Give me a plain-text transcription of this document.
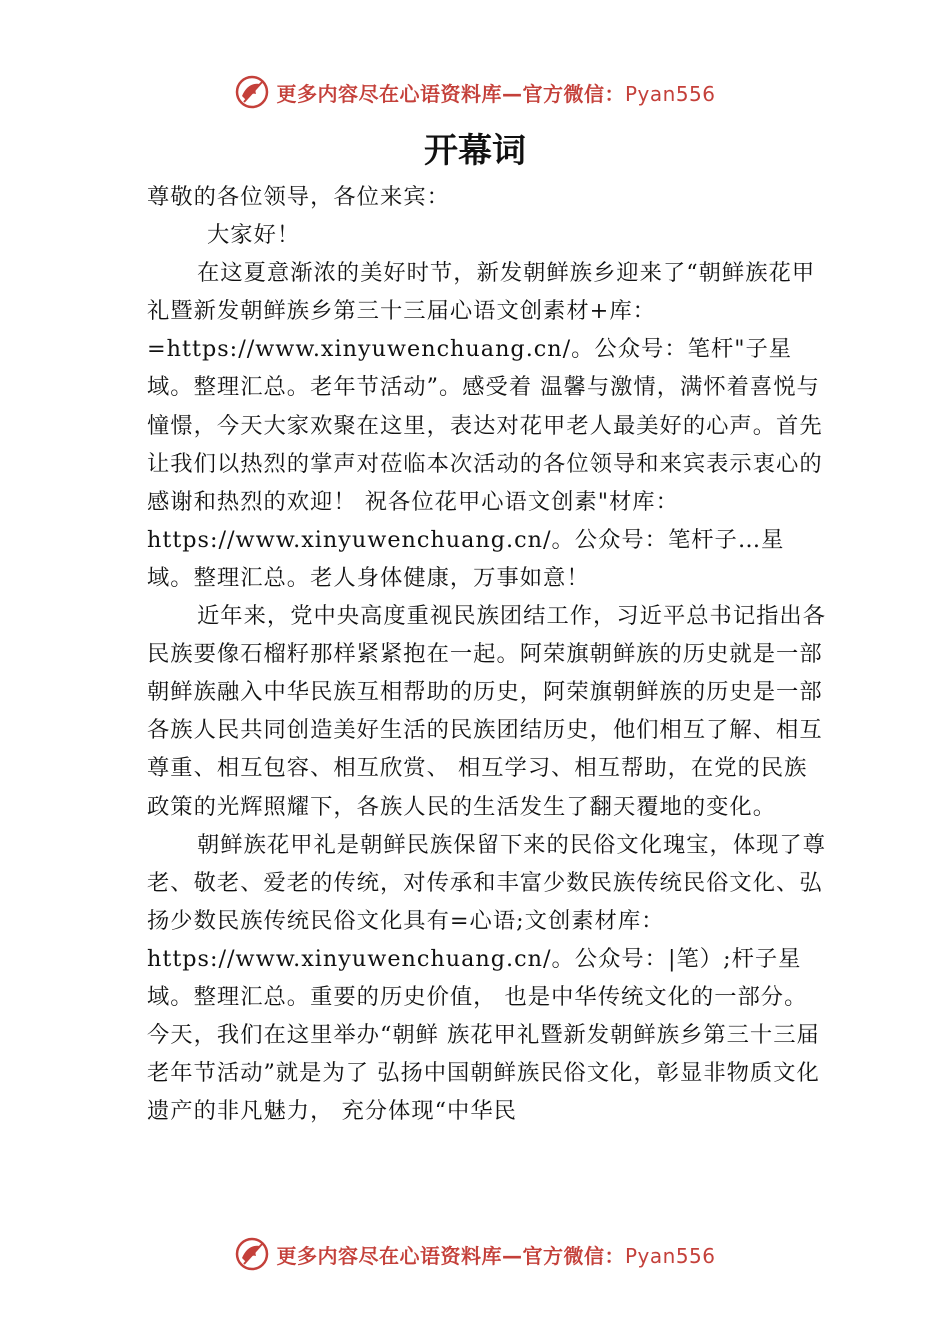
更多内容尽在心语资料库—官方微信：Pyan556
开幕词

尊敬的各位领导，各位来宾：

大家好！

在这夏意渐浓的美好时节，新发朝鲜族乡迎来了“朝鲜族花甲礼暨新发朝鲜族乡第三十三届心语文创素材+库：=https://www.xinyuwenchuang.cn/。公众号：笔杆"子星域。整理汇总。老年节活动”。感受着 温馨与激情，满怀着喜悦与憧憬，今天大家欢聚在这里，表达对花甲老人最美好的心声。首先让我们以热烈的掌声对莅临本次活动的各位领导和来宾表示衷心的感谢和热烈的欢迎！ 祝各位花甲心语文创素"材库：https://www.xinyuwenchuang.cn/。公众号：笔杆子…星域。整理汇总。老人身体健康，万事如意！

近年来，党中央高度重视民族团结工作，习近平总书记指出各民族要像石榴籽那样紧紧抱在一起。阿荣旗朝鲜族的历史就是一部朝鲜族融入中华民族互相帮助的历史，阿荣旗朝鲜族的历史是一部各族人民共同创造美好生活的民族团结历史，他们相互了解、相互尊重、相互包容、相互欣赏、 相互学习、相互帮助，在党的民族政策的光辉照耀下，各族人民的生活发生了翻天覆地的变化。

朝鲜族花甲礼是朝鲜民族保留下来的民俗文化瑰宝，体现了尊老、敬老、爱老的传统，对传承和丰富少数民族传统民俗文化、弘扬少数民族传统民俗文化具有=心语;文创素材库：https://www.xinyuwenchuang.cn/。公众号：|笔）;杆子星域。整理汇总。重要的历史价值， 也是中华传统文化的一部分。今天，我们在这里举办“朝鲜 族花甲礼暨新发朝鲜族乡第三十三届老年节活动”就是为了 弘扬中国朝鲜族民俗文化，彰显非物质文化遗产的非凡魅力， 充分体现“中华民

更多内容尽在心语资料库—官方微信：Pyan556
